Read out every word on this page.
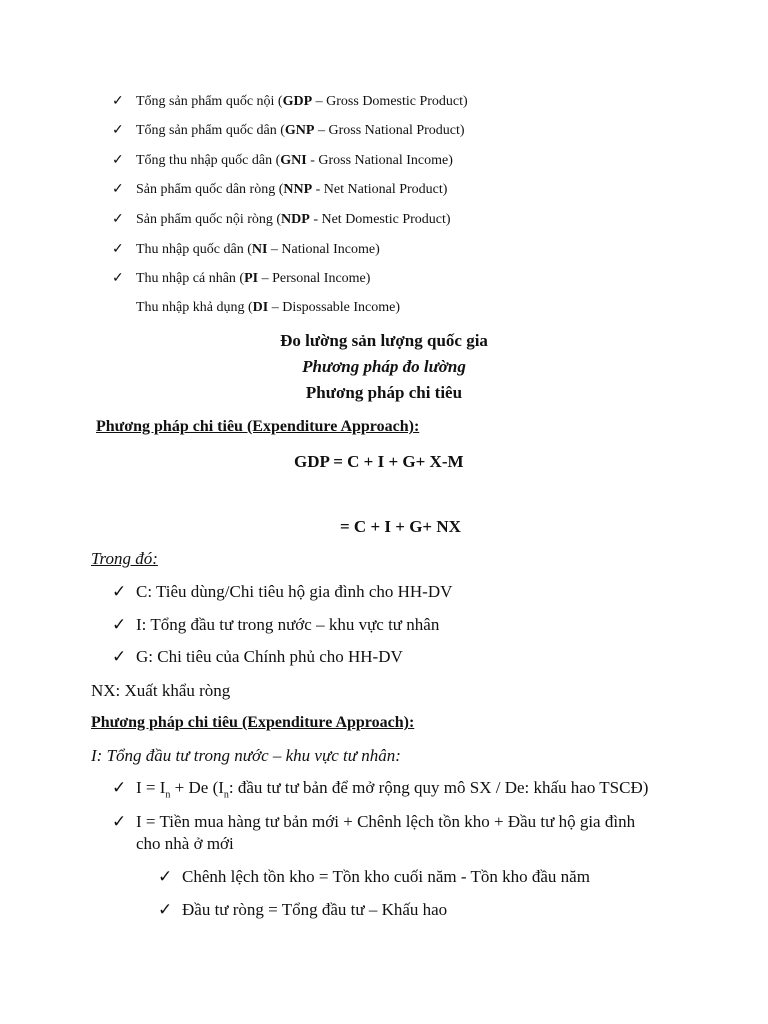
✓ Tổng sản phẩm quốc nội (GDP – Gross Domestic Product)
✓ Tổng sản phẩm quốc dân (GNP – Gross National Product)
✓ Tổng thu nhập quốc dân (GNI - Gross National Income)
✓ Sản phẩm quốc dân ròng (NNP - Net National Product)
✓ Sản phẩm quốc nội ròng (NDP - Net Domestic Product)
✓ Thu nhập quốc dân (NI – National Income)
✓ Thu nhập cá nhân (PI – Personal Income)
Thu nhập khả dụng (DI – Dispossable Income)
Đo lường sản lượng quốc gia
Phương pháp đo lường
Phương pháp chi tiêu
Phương pháp chi tiêu (Expenditure Approach):
GDP = C + I + G+ X-M
= C + I + G+ NX
Trong đó:
✓ C: Tiêu dùng/Chi tiêu hộ gia đình cho HH-DV
✓ I: Tổng đầu tư trong nước – khu vực tư nhân
✓ G: Chi tiêu của Chính phủ cho HH-DV
NX: Xuất khẩu ròng
Phương pháp chi tiêu (Expenditure Approach):
I: Tổng đầu tư trong nước – khu vực tư nhân:
✓ $I = I_n + De$ ($I_n$: đầu tư tư bản để mở rộng quy mô SX / De: khấu hao TSCĐ)
✓ I = Tiền mua hàng tư bản mới + Chênh lệch tồn kho + Đầu tư hộ gia đình
cho nhà ở mới
✓ Chênh lệch tồn kho = Tồn kho cuối năm - Tồn kho đầu năm
✓ Đầu tư ròng = Tổng đầu tư – Khấu hao
